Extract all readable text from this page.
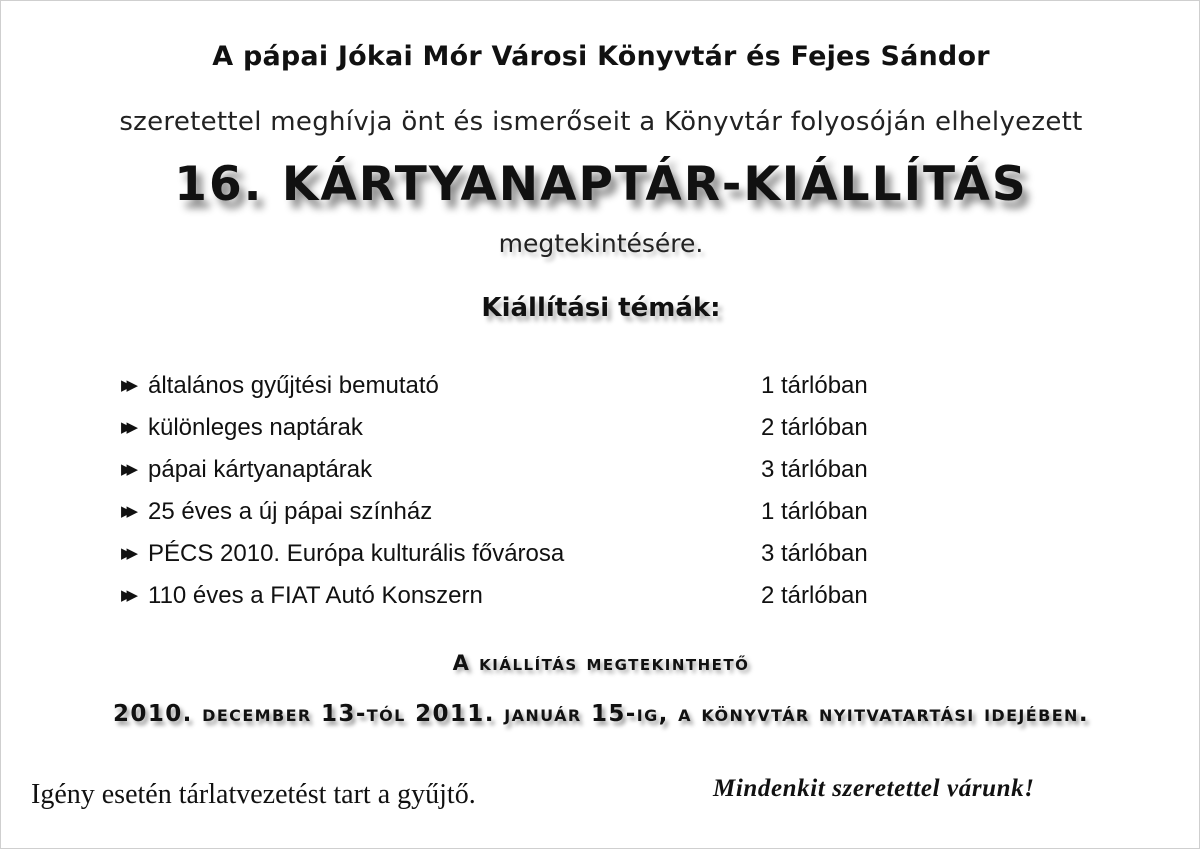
A pápai Jókai Mór Városi Könyvtár és Fejes Sándor
szeretettel meghívja önt és ismerőseit a Könyvtár folyosóján elhelyezett
16. KÁRTYANAPTÁR-KIÁLLÍTÁS
megtekintésére.
Kiállítási témák:
▶▶ általános gyűjtési bemutató	1 tárlóban
▶▶ különleges naptárak	2 tárlóban
▶▶ pápai kártyanaptárak	3 tárlóban
▶▶ 25 éves a új pápai színház	1 tárlóban
▶▶ PÉCS 2010. Európa kulturális fővárosa	3 tárlóban
▶▶ 110 éves a FIAT Autó Konszern	2 tárlóban
A kiállítás megtekinthető
2010. december 13-tól 2011. január 15-ig, a könyvtár nyitvatartási idejében.
Igény esetén tárlatvezetést tart a gyűjtő.	Mindenkit szeretettel várunk!
